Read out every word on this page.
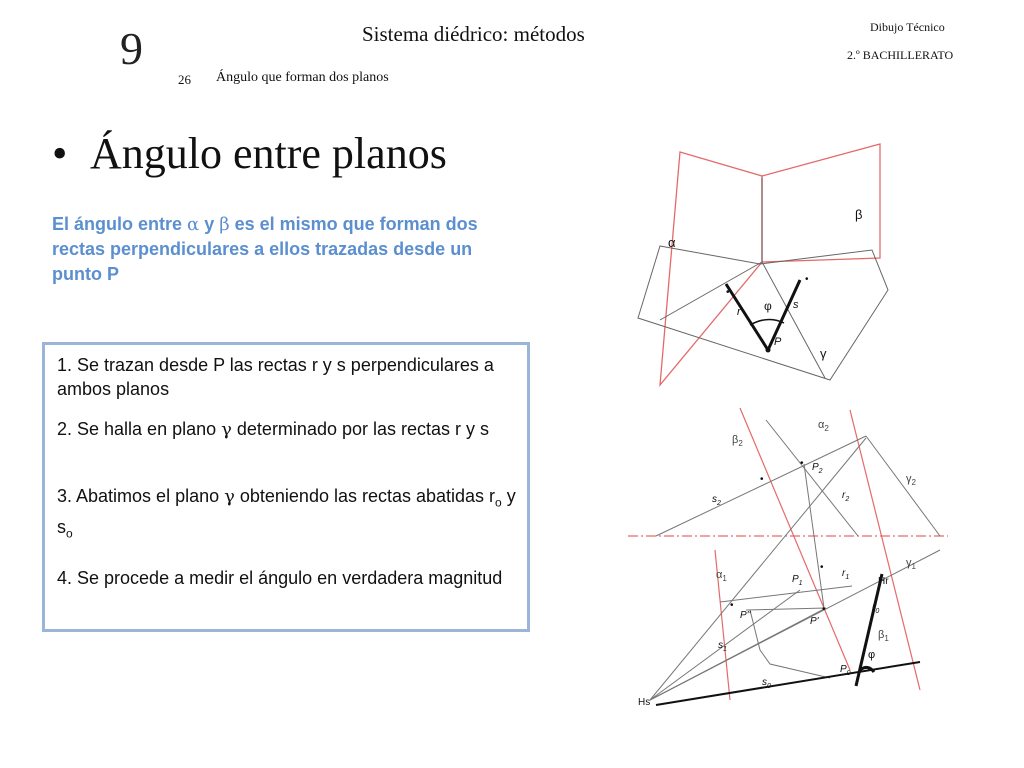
9	Sistema diédrico: métodos	Dibujo Técnico
2.º BACHILLERATO
26 Ángulo que forman dos planos
• Ángulo entre planos
El ángulo entre α y β es el mismo que forman dos rectas perpendiculares a ellos trazadas desde un punto P
1. Se trazan desde P las rectas r y s perpendiculares a ambos planos
2. Se halla en plano γ determinado por las rectas r y s
3. Abatimos el plano γ obteniendo las rectas abatidas $r_o$ y $s_o$
4. Se procede a medir el ángulo en verdadera magnitud
α
β
γ
φ
r
s
P
•
•
$\alpha_2$
$\beta_2$
$\gamma_2$
$P_2$
$s_2$
$r_2$
$\alpha_1$
$\gamma_1$
$P_1$
$r_1$	Hr
P''
P'
$r_0$
$\beta_1$
$s_1$
$P_0$
φ
$s_0$
Hs
•
•
•
•
•
